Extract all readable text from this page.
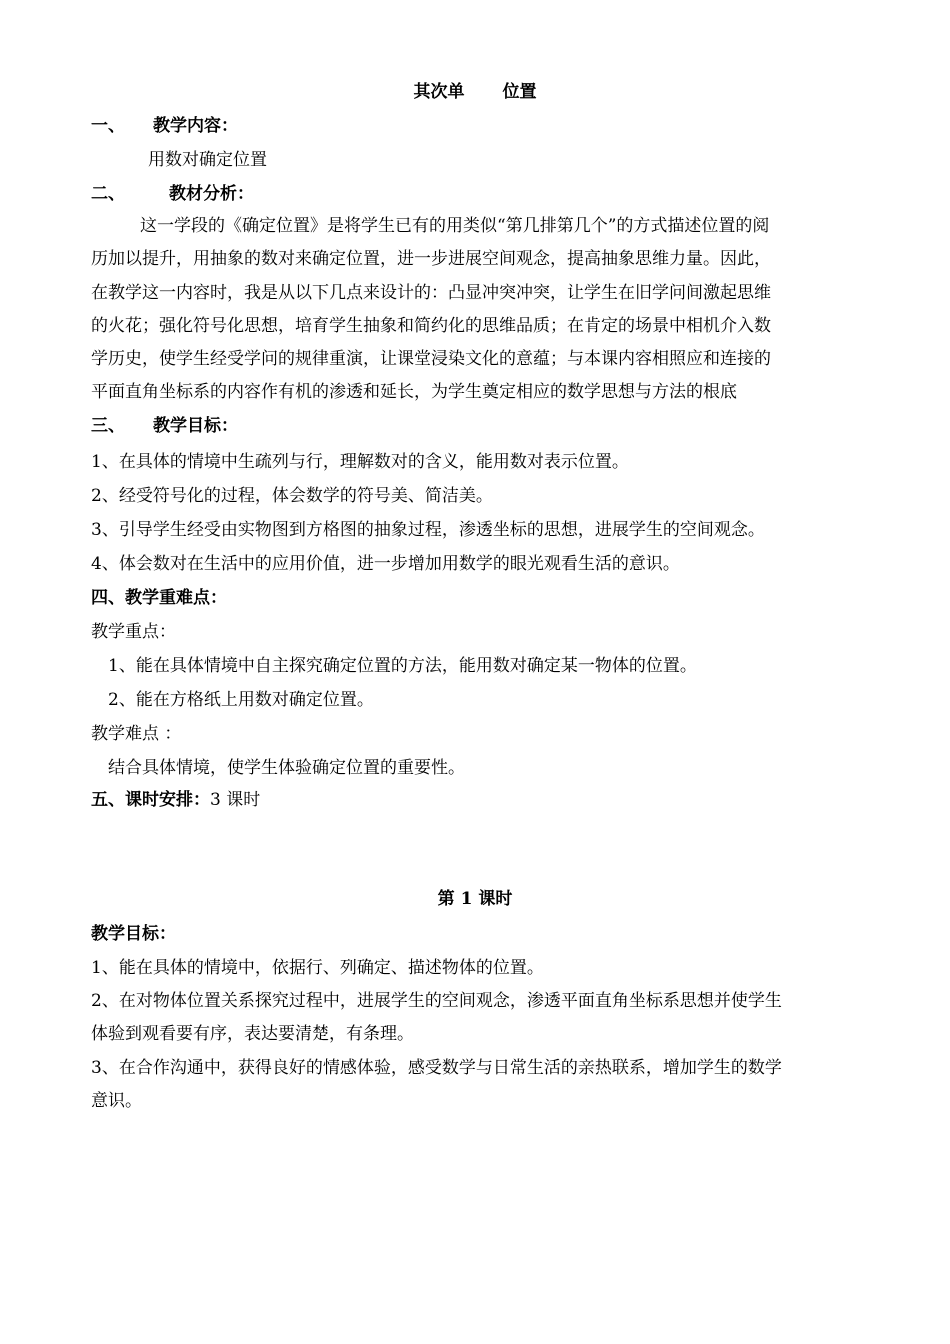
其次单 位置
一、 教学内容：
用数对确定位置
二、	教材分析：
这一学段的《确定位置》是将学生已有的用类似“第几排第几个”的方式描述位置的阅
历加以提升，用抽象的数对来确定位置，进一步进展空间观念，提高抽象思维力量。因此，
在教学这一内容时，我是从以下几点来设计的：凸显冲突冲突，让学生在旧学问间激起思维
的火花；强化符号化思想，培育学生抽象和简约化的思维品质；在肯定的场景中相机介入数
学历史，使学生经受学问的规律重演，让课堂浸染文化的意蕴；与本课内容相照应和连接的
平面直角坐标系的内容作有机的渗透和延长，为学生奠定相应的数学思想与方法的根底
三、 教学目标：
1、在具体的情境中生疏列与行，理解数对的含义，能用数对表示位置。
2、经受符号化的过程，体会数学的符号美、简洁美。
3、引导学生经受由实物图到方格图的抽象过程，渗透坐标的思想，进展学生的空间观念。
4、体会数对在生活中的应用价值，进一步增加用数学的眼光观看生活的意识。
四、教学重难点：
教学重点：
1、能在具体情境中自主探究确定位置的方法，能用数对确定某一物体的位置。
2、能在方格纸上用数对确定位置。
教学难点 ：
结合具体情境，使学生体验确定位置的重要性。
五、课时安排：3 课时
第 1 课时
教学目标：
1、能在具体的情境中，依据行、列确定、描述物体的位置。
2、在对物体位置关系探究过程中，进展学生的空间观念，渗透平面直角坐标系思想并使学生
体验到观看要有序，表达要清楚，有条理。
3、在合作沟通中，获得良好的情感体验，感受数学与日常生活的亲热联系，增加学生的数学
意识。
